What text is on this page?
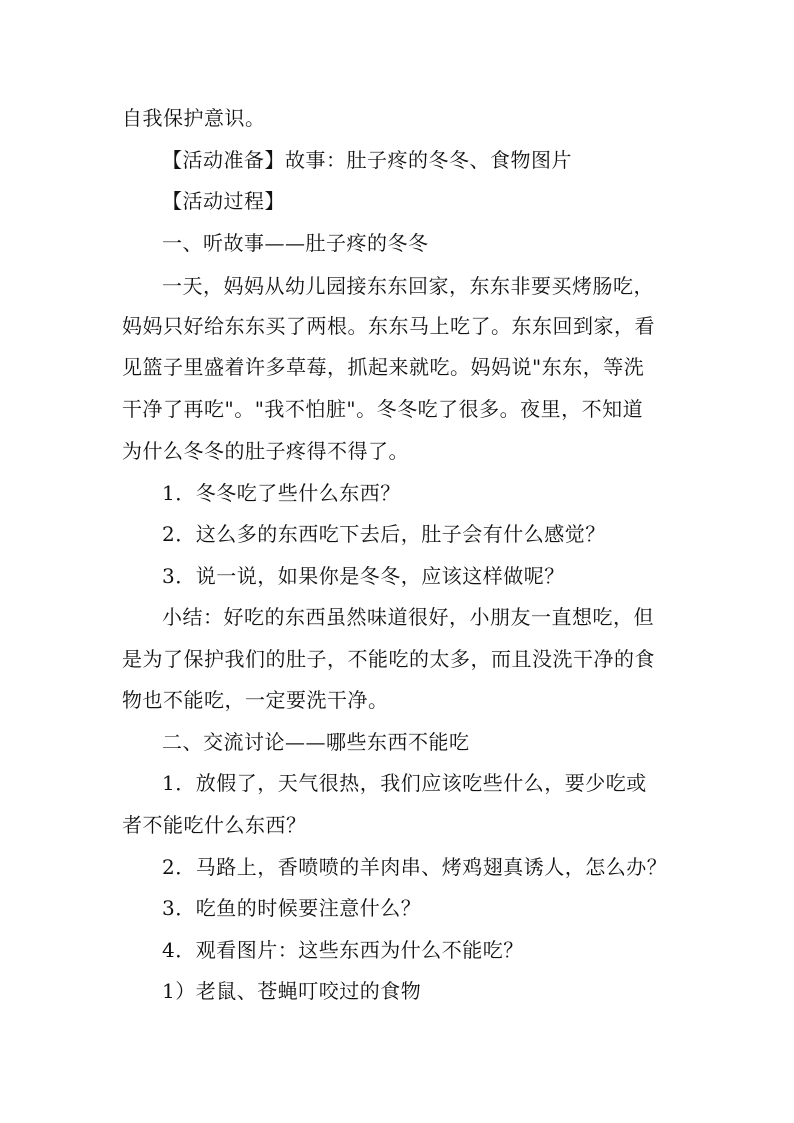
自我保护意识。
【活动准备】故事：肚子疼的冬冬、食物图片
【活动过程】
一、听故事——肚子疼的冬冬
一天，妈妈从幼儿园接东东回家，东东非要买烤肠吃，
妈妈只好给东东买了两根。东东马上吃了。东东回到家，看
见篮子里盛着许多草莓，抓起来就吃。妈妈说"东东，等洗
干净了再吃"。"我不怕脏"。冬冬吃了很多。夜里，不知道
为什么冬冬的肚子疼得不得了。
1．冬冬吃了些什么东西？
2．这么多的东西吃下去后，肚子会有什么感觉？
3．说一说，如果你是冬冬，应该这样做呢？
小结：好吃的东西虽然味道很好，小朋友一直想吃，但
是为了保护我们的肚子，不能吃的太多，而且没洗干净的食
物也不能吃，一定要洗干净。
二、交流讨论——哪些东西不能吃
1．放假了，天气很热，我们应该吃些什么，要少吃或
者不能吃什么东西？
2．马路上，香喷喷的羊肉串、烤鸡翅真诱人，怎么办？
3．吃鱼的时候要注意什么？
4．观看图片：这些东西为什么不能吃？
1）老鼠、苍蝇叮咬过的食物
